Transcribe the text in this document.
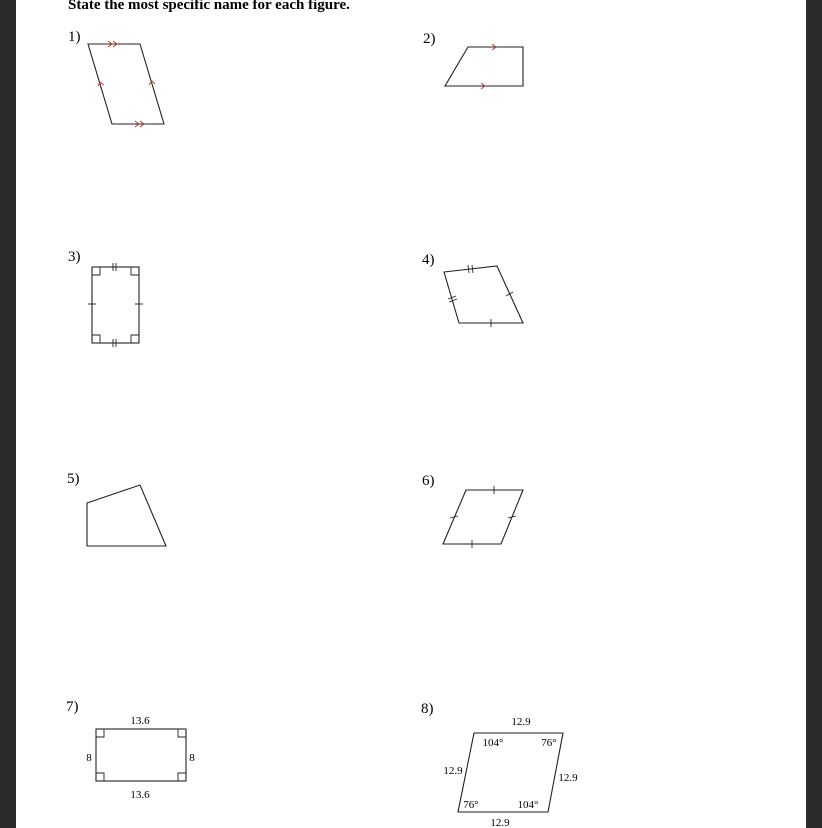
State the most specific name for each figure.

1)	2)
3)	4)
5)	6)
7)	8)
13.6
13.6
8	8
12.9
12.9
12.9
12.9
104°	76°
76°	104°
